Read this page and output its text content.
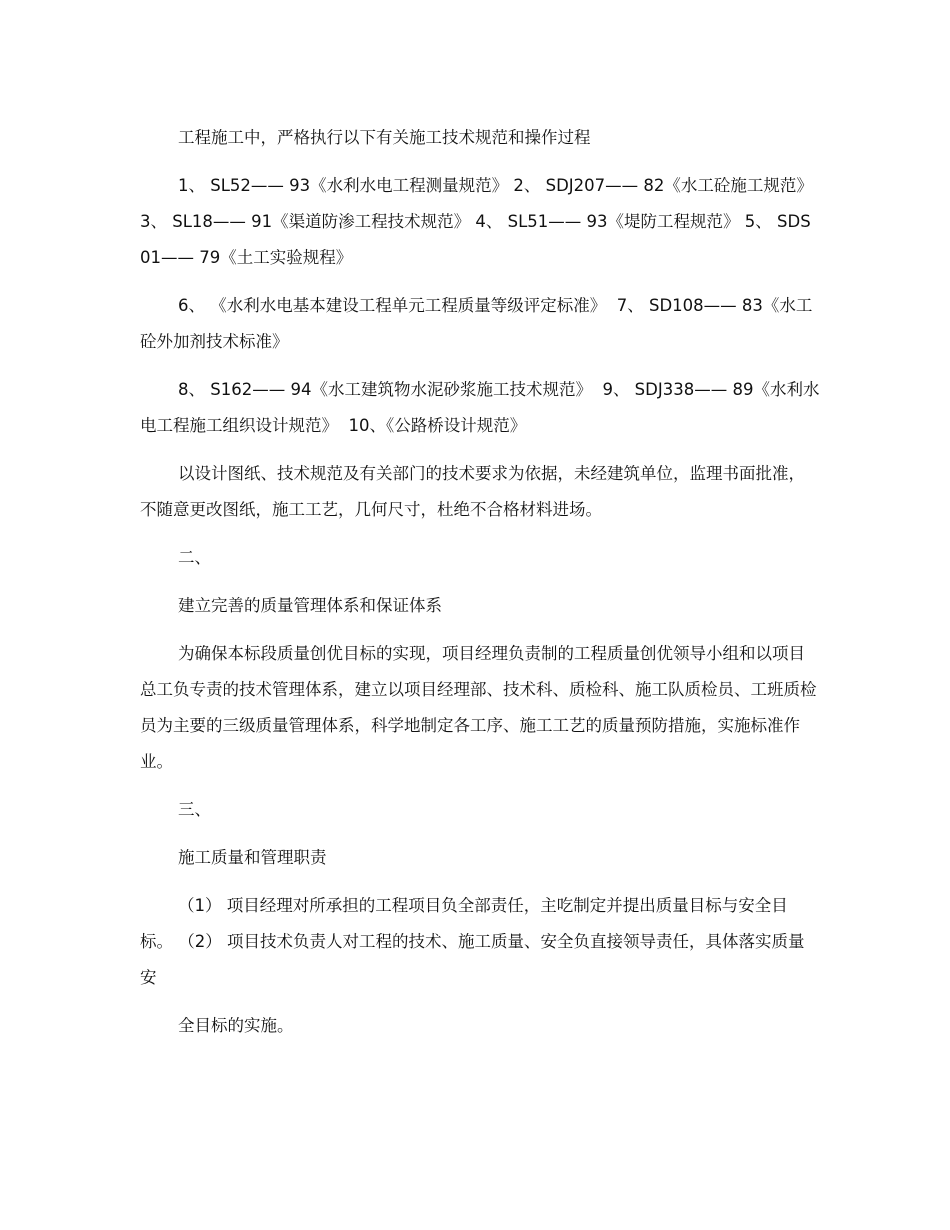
工程施工中，严格执行以下有关施工技术规范和操作过程

1、 SL52—— 93《水利水电工程测量规范》 2、 SDJ207—— 82《水工砼施工规范》 3、 SL18—— 91《渠道防渗工程技术规范》 4、 SL51—— 93《堤防工程规范》 5、 SDS01—— 79《土工实验规程》

6、 《水利水电基本建设工程单元工程质量等级评定标准》  7、 SD108—— 83《水工砼外加剂技术标准》

8、 S162—— 94《水工建筑物水泥砂浆施工技术规范》  9、 SDJ338—— 89《水利水电工程施工组织设计规范》  10、《公路桥设计规范》

以设计图纸、技术规范及有关部门的技术要求为依据，未经建筑单位，监理书面批准，不随意更改图纸，施工工艺，几何尺寸，杜绝不合格材料进场。

二、

建立完善的质量管理体系和保证体系

为确保本标段质量创优目标的实现，项目经理负责制的工程质量创优领导小组和以项目总工负专责的技术管理体系，建立以项目经理部、技术科、质检科、施工队质检员、工班质检员为主要的三级质量管理体系，科学地制定各工序、施工工艺的质量预防措施，实施标准作业。

三、

施工质量和管理职责

（1） 项目经理对所承担的工程项目负全部责任，主吃制定并提出质量目标与安全目标。 （2） 项目技术负责人对工程的技术、施工质量、安全负直接领导责任，具体落实质量安

全目标的实施。
